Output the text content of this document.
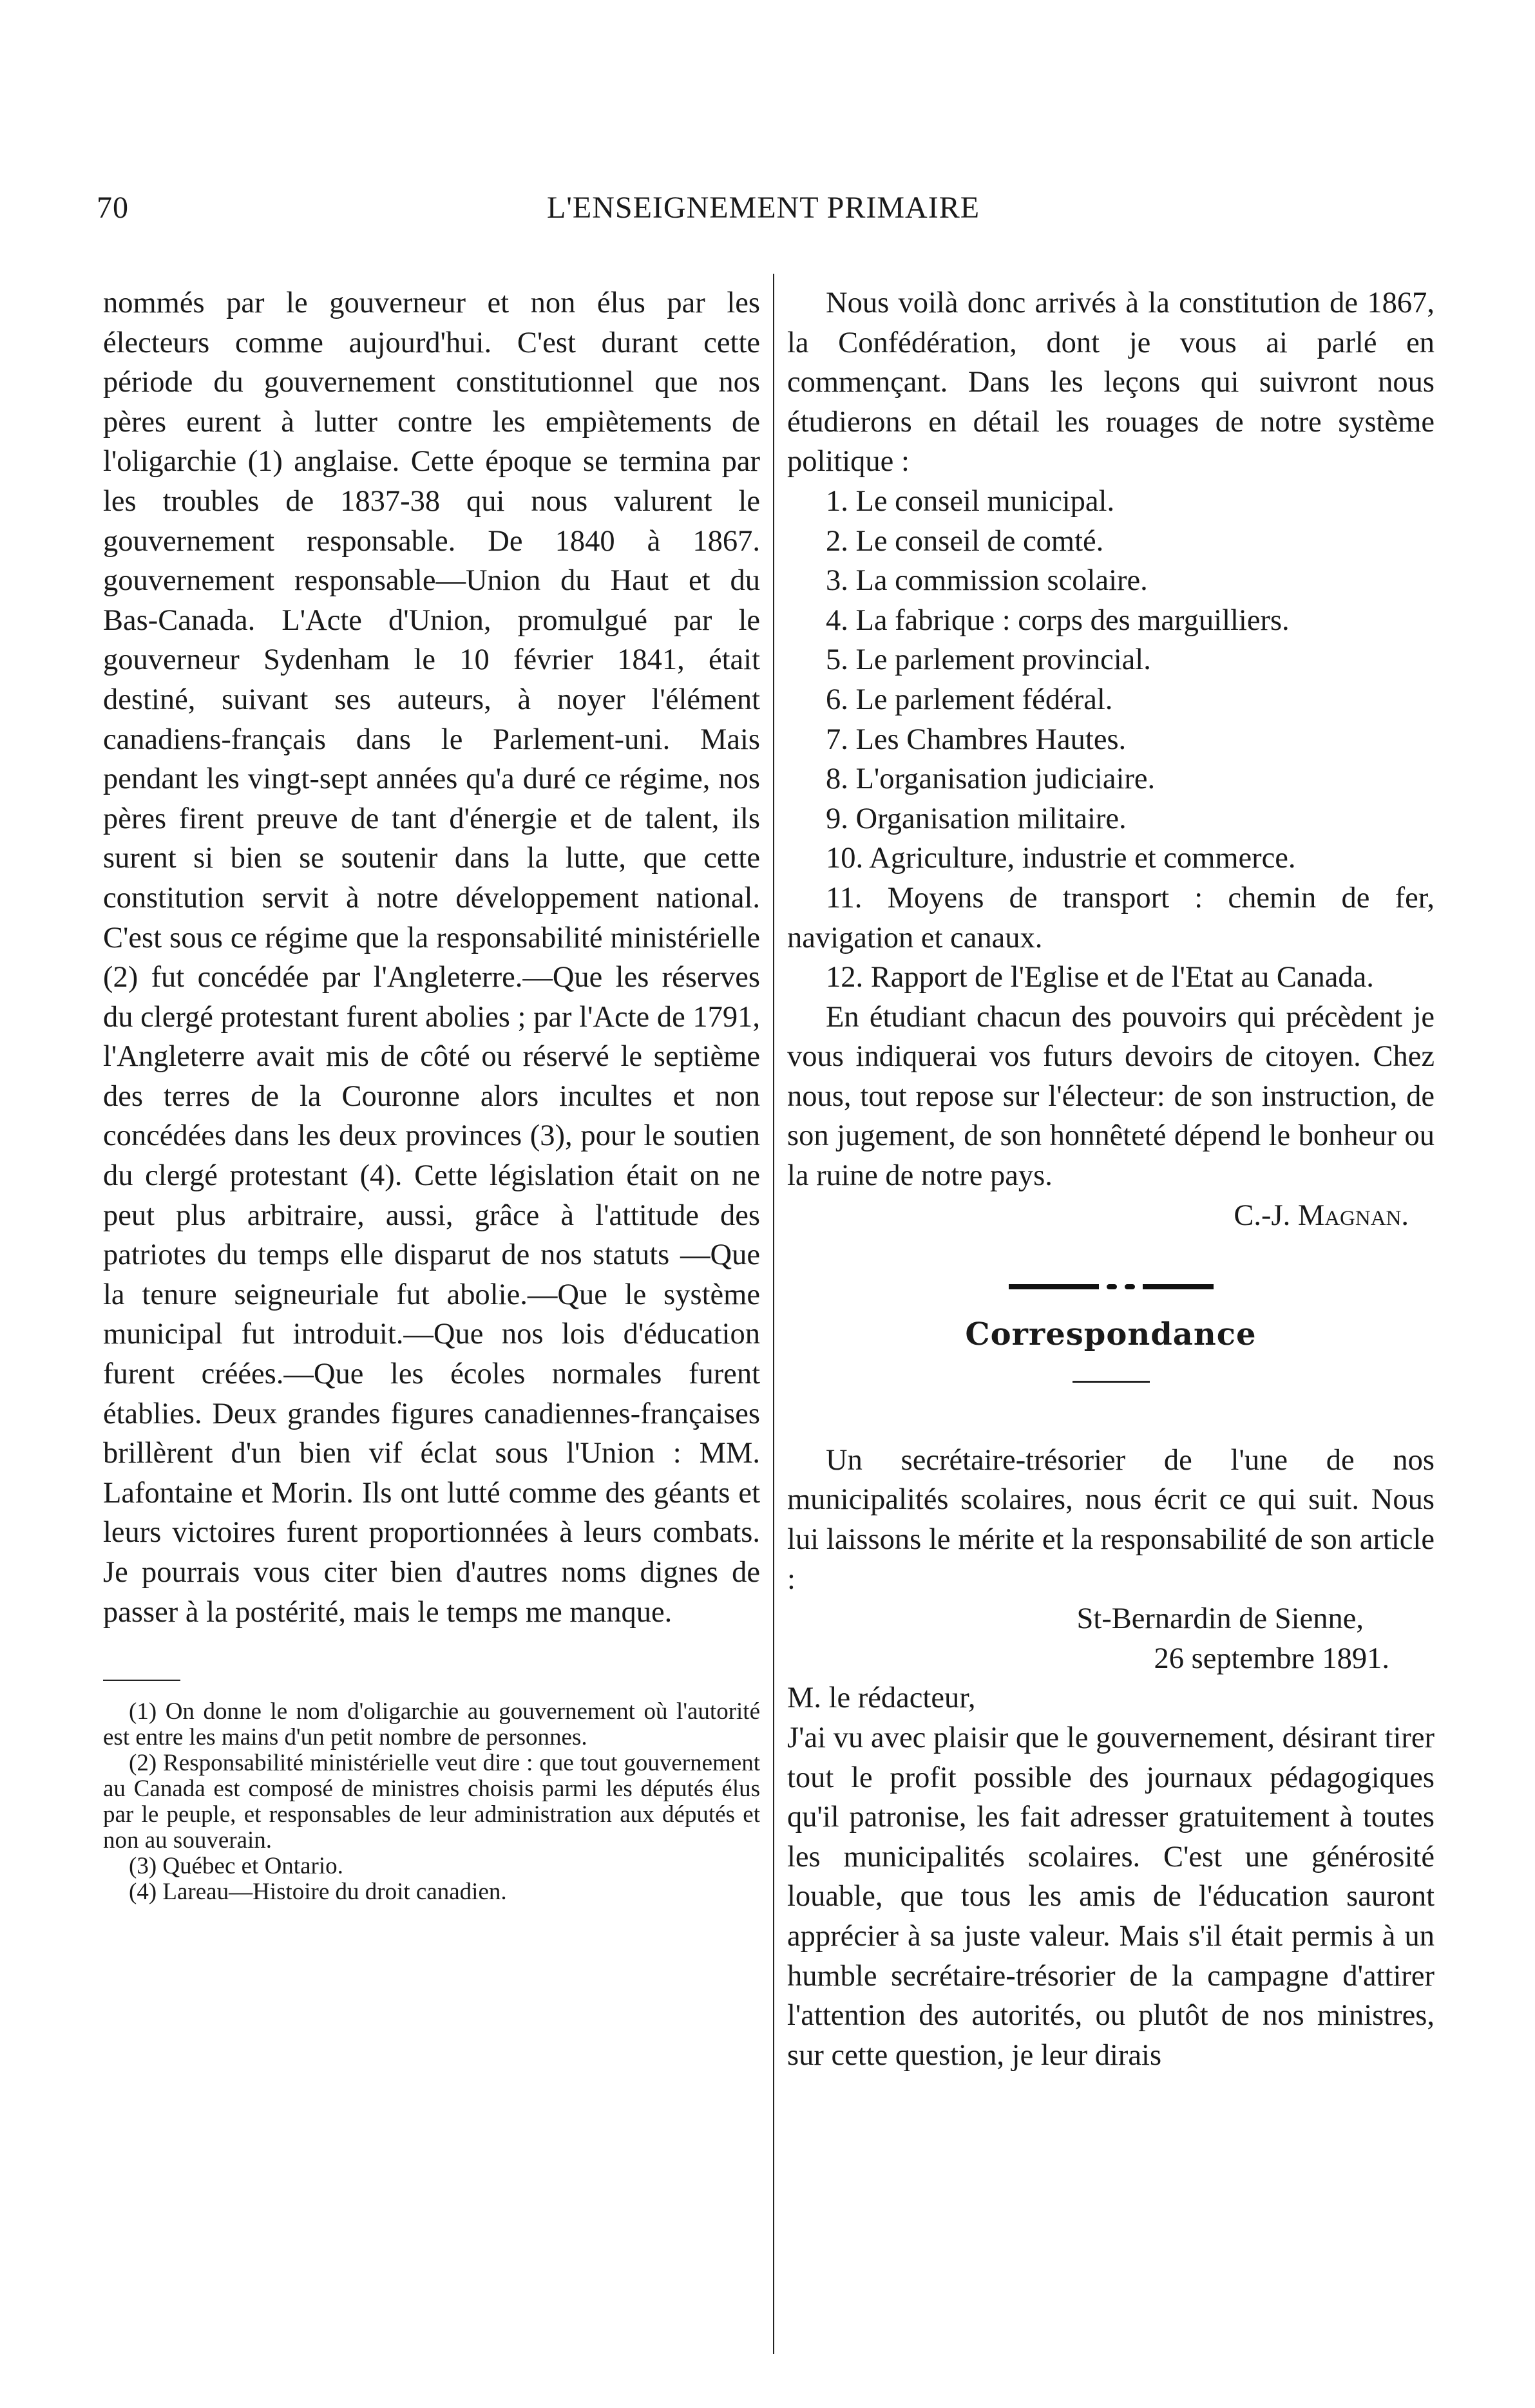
70	L'ENSEIGNEMENT PRIMAIRE

nommés par le gouverneur et non élus par les électeurs comme aujourd'hui. C'est durant cette période du gouvernement constitutionnel que nos pères eurent à lutter contre les empiètements de l'oligarchie (1) anglaise. Cette époque se termina par les troubles de 1837-38 qui nous valurent le gouvernement responsable. De 1840 à 1867. gouvernement responsable—Union du Haut et du Bas-Canada. L'Acte d'Union, promulgué par le gouverneur Sydenham le 10 février 1841, était destiné, suivant ses auteurs, à noyer l'élément canadiens-français dans le Parlement-uni. Mais pendant les vingt-sept années qu'a duré ce régime, nos pères firent preuve de tant d'énergie et de talent, ils surent si bien se soutenir dans la lutte, que cette constitution servit à notre développement national. C'est sous ce régime que la responsabilité ministérielle (2) fut concédée par l'Angleterre.—Que les réserves du clergé protestant furent abolies ; par l'Acte de 1791, l'Angleterre avait mis de côté ou réservé le septième des terres de la Couronne alors incultes et non concédées dans les deux provinces (3), pour le soutien du clergé protestant (4). Cette législation était on ne peut plus arbitraire, aussi, grâce à l'attitude des patriotes du temps elle disparut de nos statuts —Que la tenure seigneuriale fut abolie.—Que le système municipal fut introduit.—Que nos lois d'éducation furent créées.—Que les écoles normales furent établies. Deux grandes figures canadiennes-françaises brillèrent d'un bien vif éclat sous l'Union : MM. Lafontaine et Morin. Ils ont lutté comme des géants et leurs victoires furent proportionnées à leurs combats. Je pourrais vous citer bien d'autres noms dignes de passer à la postérité, mais le temps me manque.

(1) On donne le nom d'oligarchie au gouvernement où l'autorité est entre les mains d'un petit nombre de personnes.

(2) Responsabilité ministérielle veut dire : que tout gouvernement au Canada est composé de ministres choisis parmi les députés élus par le peuple, et responsables de leur administration aux députés et non au souverain.

(3) Québec et Ontario.

(4) Lareau—Histoire du droit canadien.

Nous voilà donc arrivés à la constitution de 1867, la Confédération, dont je vous ai parlé en commençant. Dans les leçons qui suivront nous étudierons en détail les rouages de notre système politique :

1. Le conseil municipal.
2. Le conseil de comté.
3. La commission scolaire.
4. La fabrique : corps des marguilliers.
5. Le parlement provincial.
6. Le parlement fédéral.
7. Les Chambres Hautes.
8. L'organisation judiciaire.
9. Organisation militaire.
10. Agriculture, industrie et commerce.
11. Moyens de transport : chemin de fer, navigation et canaux.
12. Rapport de l'Eglise et de l'Etat au Canada.

En étudiant chacun des pouvoirs qui précèdent je vous indiquerai vos futurs devoirs de citoyen. Chez nous, tout repose sur l'électeur: de son instruction, de son jugement, de son honnêteté dépend le bonheur ou la ruine de notre pays.

C.-J. Magnan.

Correspondance

Un secrétaire-trésorier de l'une de nos municipalités scolaires, nous écrit ce qui suit. Nous lui laissons le mérite et la responsabilité de son article :

St-Bernardin de Sienne,

26 septembre 1891.

M. le rédacteur,

J'ai vu avec plaisir que le gouvernement, désirant tirer tout le profit possible des journaux pédagogiques qu'il patronise, les fait adresser gratuitement à toutes les municipalités scolaires. C'est une générosité louable, que tous les amis de l'éducation sauront apprécier à sa juste valeur. Mais s'il était permis à un humble secrétaire-trésorier de la campagne d'attirer l'attention des autorités, ou plutôt de nos ministres, sur cette question, je leur dirais
